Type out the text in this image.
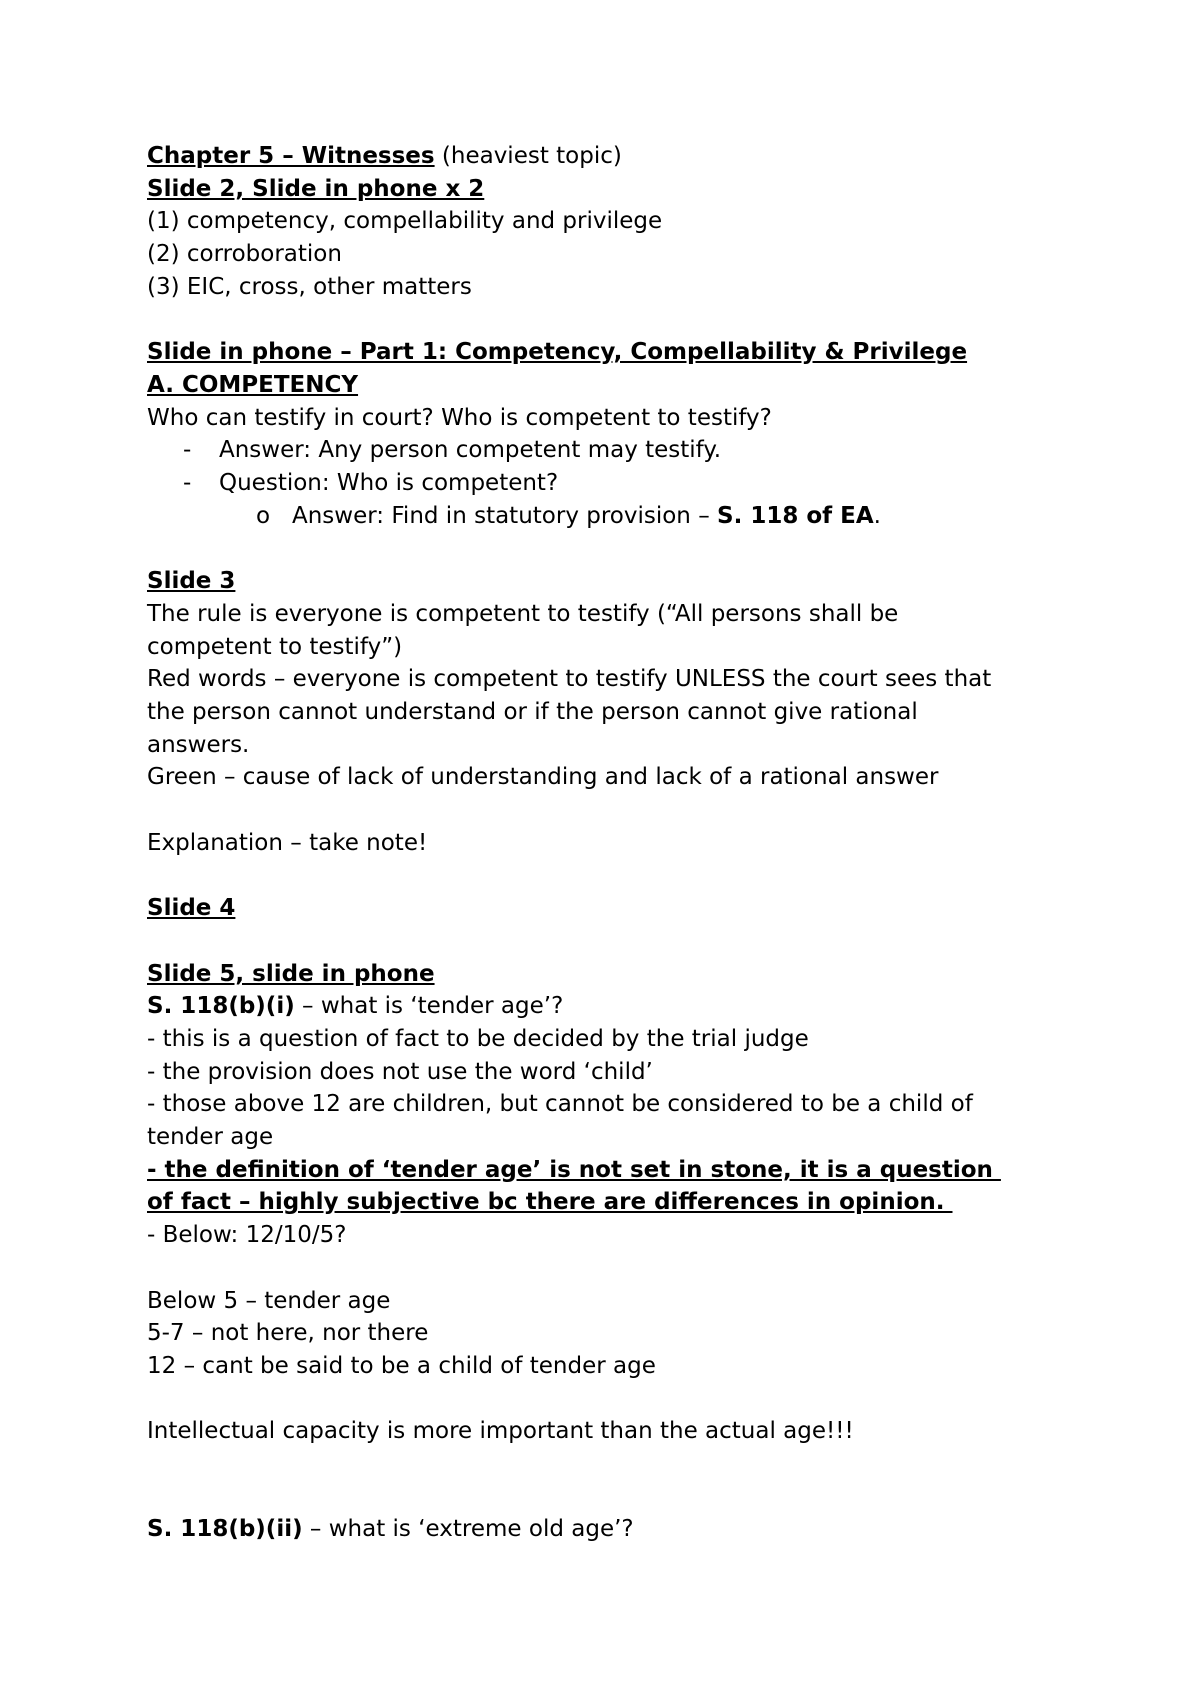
Chapter 5 – Witnesses (heaviest topic)

Slide 2, Slide in phone x 2

(1) competency, compellability and privilege

(2) corroboration

(3) EIC, cross, other matters

Slide in phone – Part 1: Competency, Compellability & Privilege

A. COMPETENCY

Who can testify in court? Who is competent to testify?

- Answer: Any person competent may testify.

- Question: Who is competent?

o Answer: Find in statutory provision – S. 118 of EA.

Slide 3

The rule is everyone is competent to testify (“All persons shall be

competent to testify”)

Red words – everyone is competent to testify UNLESS the court sees that

the person cannot understand or if the person cannot give rational

answers.

Green – cause of lack of understanding and lack of a rational answer

Explanation – take note!

Slide 4

Slide 5, slide in phone

S. 118(b)(i) – what is ‘tender age’?

- this is a question of fact to be decided by the trial judge

- the provision does not use the word ‘child’

- those above 12 are children, but cannot be considered to be a child of

tender age

- the definition of ‘tender age’ is not set in stone, it is a question

of fact – highly subjective bc there are differences in opinion.

- Below: 12/10/5?

Below 5 – tender age

5-7 – not here, nor there

12 – cant be said to be a child of tender age

Intellectual capacity is more important than the actual age!!!

S. 118(b)(ii) – what is ‘extreme old age’?
